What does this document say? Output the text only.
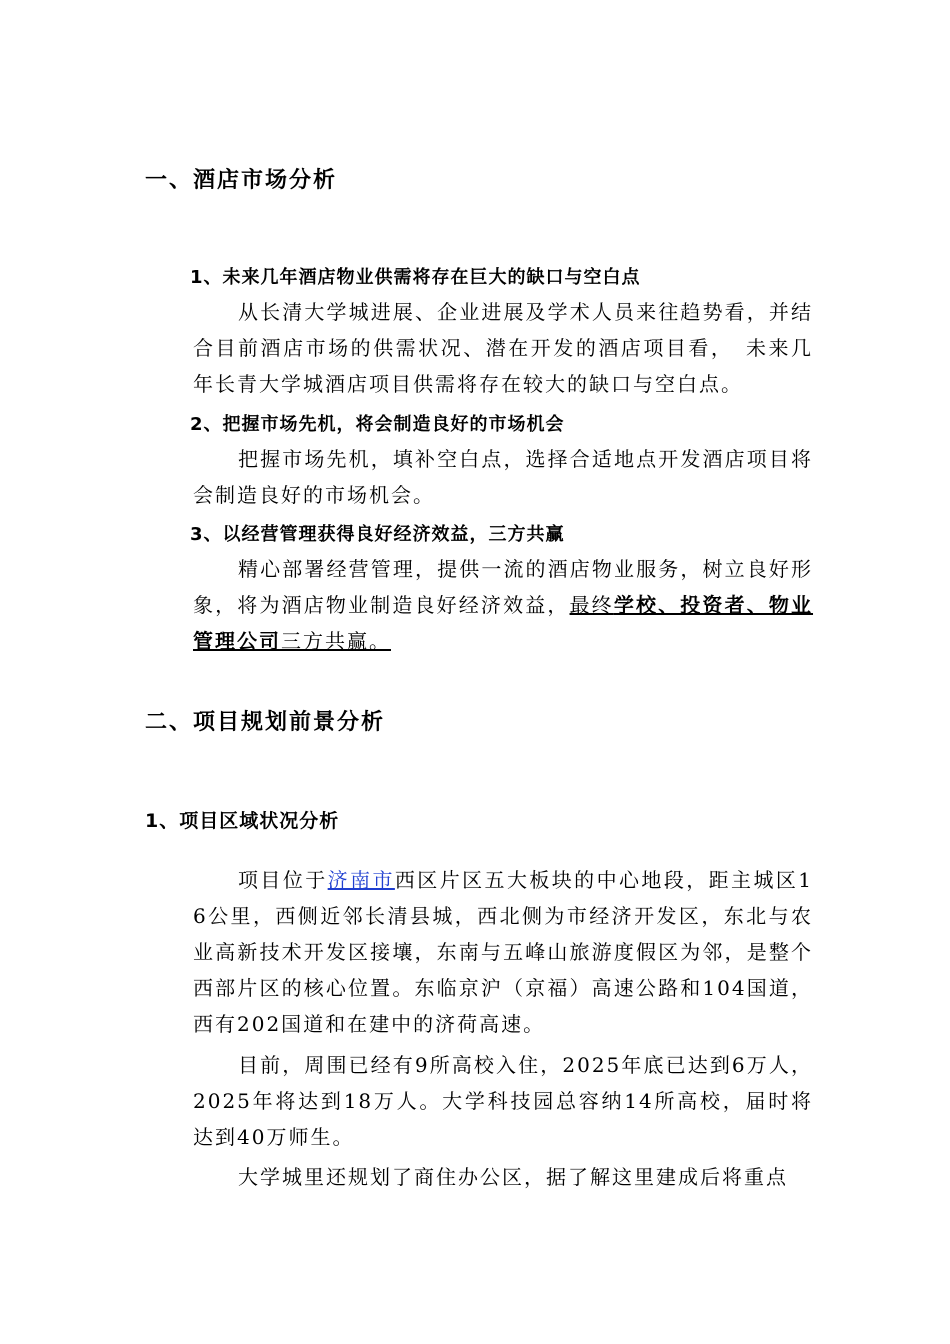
一、酒店市场分析
1、未来几年酒店物业供需将存在巨大的缺口与空白点

从长清大学城进展、企业进展及学术人员来往趋势看，并结合目前酒店市场的供需状况、潜在开发的酒店项目看，　未来几年长青大学城酒店项目供需将存在较大的缺口与空白点。

2、把握市场先机，将会制造良好的市场机会

把握市场先机，填补空白点，选择合适地点开发酒店项目将会制造良好的市场机会。

3、以经营管理获得良好经济效益，三方共赢

精心部署经营管理，提供一流的酒店物业服务，树立良好形象，将为酒店物业制造良好经济效益，最终学校、投资者、物业管理公司三方共赢。

二、项目规划前景分析
1、项目区域状况分析

项目位于济南市西区片区五大板块的中心地段，距主城区16公里，西侧近邻长清县城，西北侧为市经济开发区，东北与农业高新技术开发区接壤，东南与五峰山旅游度假区为邻，是整个西部片区的核心位置。东临京沪（京福）高速公路和104国道，西有202国道和在建中的济荷高速。

目前，周围已经有9所高校入住，2025年底已达到6万人，2025年将达到18万人。大学科技园总容纳14所高校，届时将达到40万师生。

大学城里还规划了商住办公区，据了解这里建成后将重点
